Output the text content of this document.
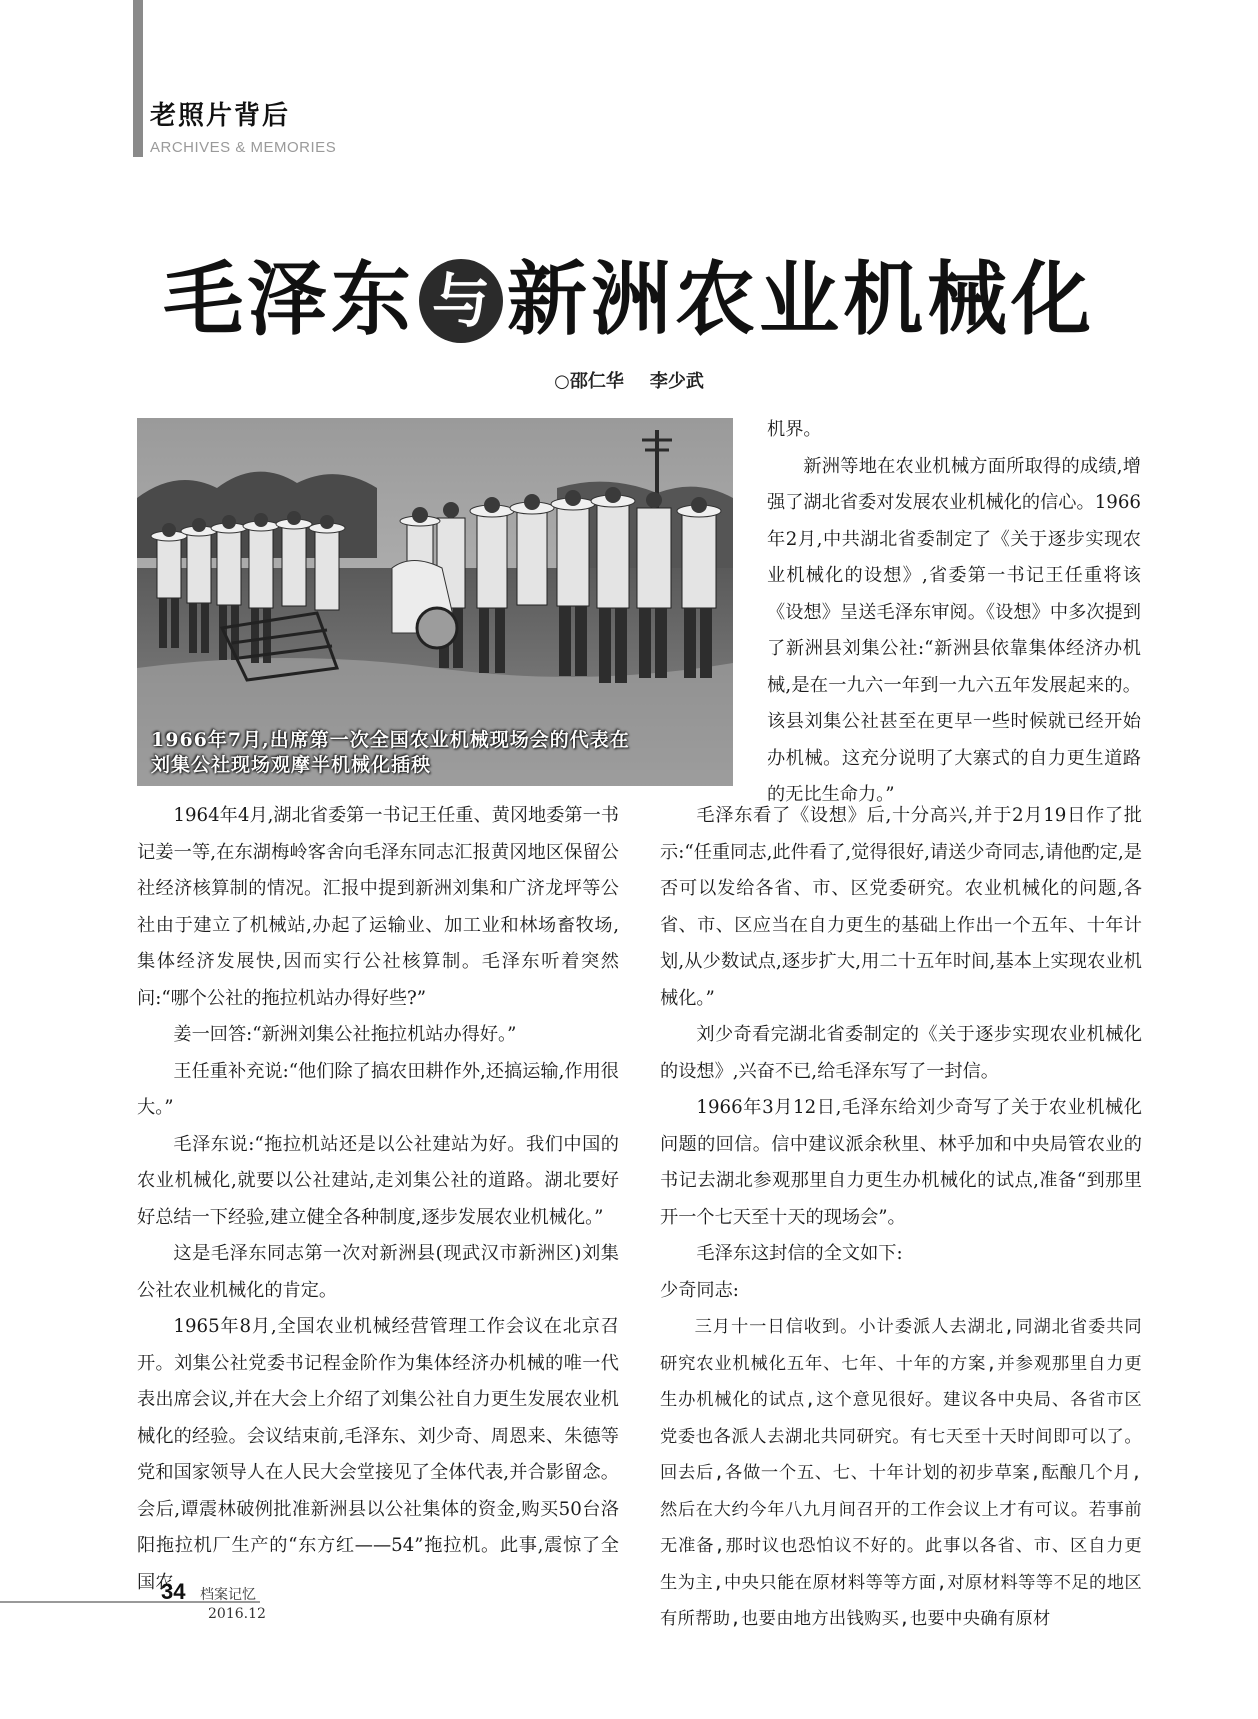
老照片背后
ARCHIVES & MEMORIES
毛泽东 与 新洲农业机械化
○邵仁华 李少武
1966年7月,出席第一次全国农业机械现场会的代表在
刘集公社现场观摩半机械化插秧

机界。

新洲等地在农业机械方面所取得的成绩,增强了湖北省委对发展农业机械化的信心。1966年2月,中共湖北省委制定了《关于逐步实现农业机械化的设想》,省委第一书记王任重将该《设想》呈送毛泽东审阅。《设想》中多次提到了新洲县刘集公社:“新洲县依靠集体经济办机械,是在一九六一年到一九六五年发展起来的。该县刘集公社甚至在更早一些时候就已经开始办机械。这充分说明了大寨式的自力更生道路的无比生命力。”

1964年4月,湖北省委第一书记王任重、黄冈地委第一书记姜一等,在东湖梅岭客舍向毛泽东同志汇报黄冈地区保留公社经济核算制的情况。汇报中提到新洲刘集和广济龙坪等公社由于建立了机械站,办起了运输业、加工业和林场畜牧场,集体经济发展快,因而实行公社核算制。毛泽东听着突然问:“哪个公社的拖拉机站办得好些?”

姜一回答:“新洲刘集公社拖拉机站办得好。”

王任重补充说:“他们除了搞农田耕作外,还搞运输,作用很大。”

毛泽东说:“拖拉机站还是以公社建站为好。我们中国的农业机械化,就要以公社建站,走刘集公社的道路。湖北要好好总结一下经验,建立健全各种制度,逐步发展农业机械化。”

这是毛泽东同志第一次对新洲县(现武汉市新洲区)刘集公社农业机械化的肯定。

1965年8月,全国农业机械经营管理工作会议在北京召开。刘集公社党委书记程金阶作为集体经济办机械的唯一代表出席会议,并在大会上介绍了刘集公社自力更生发展农业机械化的经验。会议结束前,毛泽东、刘少奇、周恩来、朱德等党和国家领导人在人民大会堂接见了全体代表,并合影留念。会后,谭震林破例批准新洲县以公社集体的资金,购买50台洛阳拖拉机厂生产的“东方红——54”拖拉机。此事,震惊了全国农

毛泽东看了《设想》后,十分高兴,并于2月19日作了批示:“任重同志,此件看了,觉得很好,请送少奇同志,请他酌定,是否可以发给各省、市、区党委研究。农业机械化的问题,各省、市、区应当在自力更生的基础上作出一个五年、十年计划,从少数试点,逐步扩大,用二十五年时间,基本上实现农业机械化。”

刘少奇看完湖北省委制定的《关于逐步实现农业机械化的设想》,兴奋不已,给毛泽东写了一封信。

1966年3月12日,毛泽东给刘少奇写了关于农业机械化问题的回信。信中建议派余秋里、林乎加和中央局管农业的书记去湖北参观那里自力更生办机械化的试点,准备“到那里开一个七天至十天的现场会”。

毛泽东这封信的全文如下:

少奇同志:

三月十一日信收到。小计委派人去湖北,同湖北省委共同研究农业机械化五年、七年、十年的方案,并参观那里自力更生办机械化的试点,这个意见很好。建议各中央局、各省市区党委也各派人去湖北共同研究。有七天至十天时间即可以了。回去后,各做一个五、七、十年计划的初步草案,酝酿几个月,然后在大约今年八九月间召开的工作会议上才有可议。若事前无准备,那时议也恐怕议不好的。此事以各省、市、区自力更生为主,中央只能在原材料等等方面,对原材料等等不足的地区有所帮助,也要由地方出钱购买,也要中央确有原材

34 档案记忆
2016.12
